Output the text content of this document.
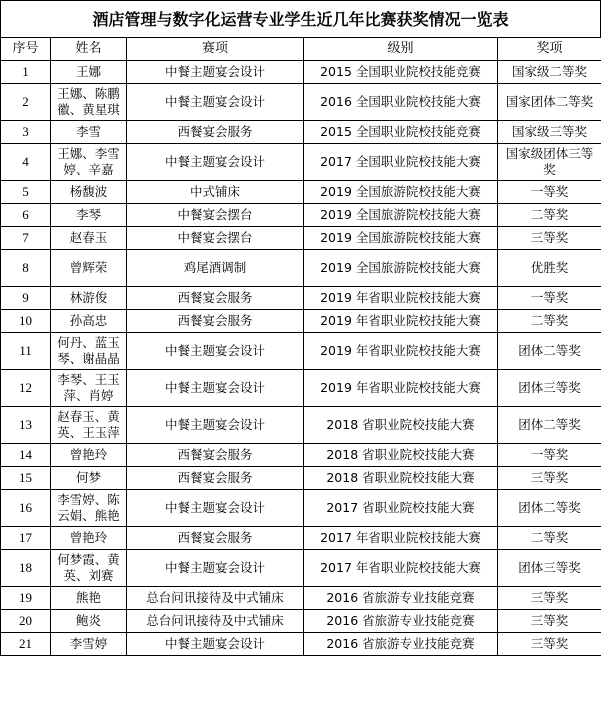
酒店管理与数字化运营专业学生近几年比赛获奖情况一览表
序号	姓名	赛项	级别	奖项
1	王娜	中餐主题宴会设计	2015 全国职业院校技能竞赛	国家级二等奖
2	王娜、陈鹏徽、黄星琪	中餐主题宴会设计	2016 全国职业院校技能大赛	国家团体二等奖
3	李雪	西餐宴会服务	2015 全国职业院校技能竞赛	国家级三等奖
4	王娜、李雪婷、辛嘉	中餐主题宴会设计	2017 全国职业院校技能大赛	国家级团体三等奖
5	杨馥波	中式铺床	2019 全国旅游院校技能大赛	一等奖
6	李琴	中餐宴会摆台	2019 全国旅游院校技能大赛	二等奖
7	赵春玉	中餐宴会摆台	2019 全国旅游院校技能大赛	三等奖
8	曾辉荣	鸡尾酒调制	2019 全国旅游院校技能大赛	优胜奖
9	林游俊	西餐宴会服务	2019 年省职业院校技能大赛	一等奖
10	孙高忠	西餐宴会服务	2019 年省职业院校技能大赛	二等奖
11	何丹、蓝玉琴、谢晶晶	中餐主题宴会设计	2019 年省职业院校技能大赛	团体二等奖
12	李琴、王玉萍、肖婷	中餐主题宴会设计	2019 年省职业院校技能大赛	团体三等奖
13	赵春玉、黄英、王玉萍	中餐主题宴会设计	2018 省职业院校技能大赛	团体二等奖
14	曾艳玲	西餐宴会服务	2018 省职业院校技能大赛	一等奖
15	何梦	西餐宴会服务	2018 省职业院校技能大赛	三等奖
16	李雪婷、陈云娟、熊艳	中餐主题宴会设计	2017 省职业院校技能大赛	团体二等奖
17	曾艳玲	西餐宴会服务	2017 年省职业院校技能大赛	二等奖
18	何梦霞、黄英、刘赛	中餐主题宴会设计	2017 年省职业院校技能大赛	团体三等奖
19	熊艳	总台问讯接待及中式铺床	2016 省旅游专业技能竞赛	三等奖
20	鲍炎	总台问讯接待及中式铺床	2016 省旅游专业技能竞赛	三等奖
21	李雪婷	中餐主题宴会设计	2016 省旅游专业技能竞赛	三等奖
